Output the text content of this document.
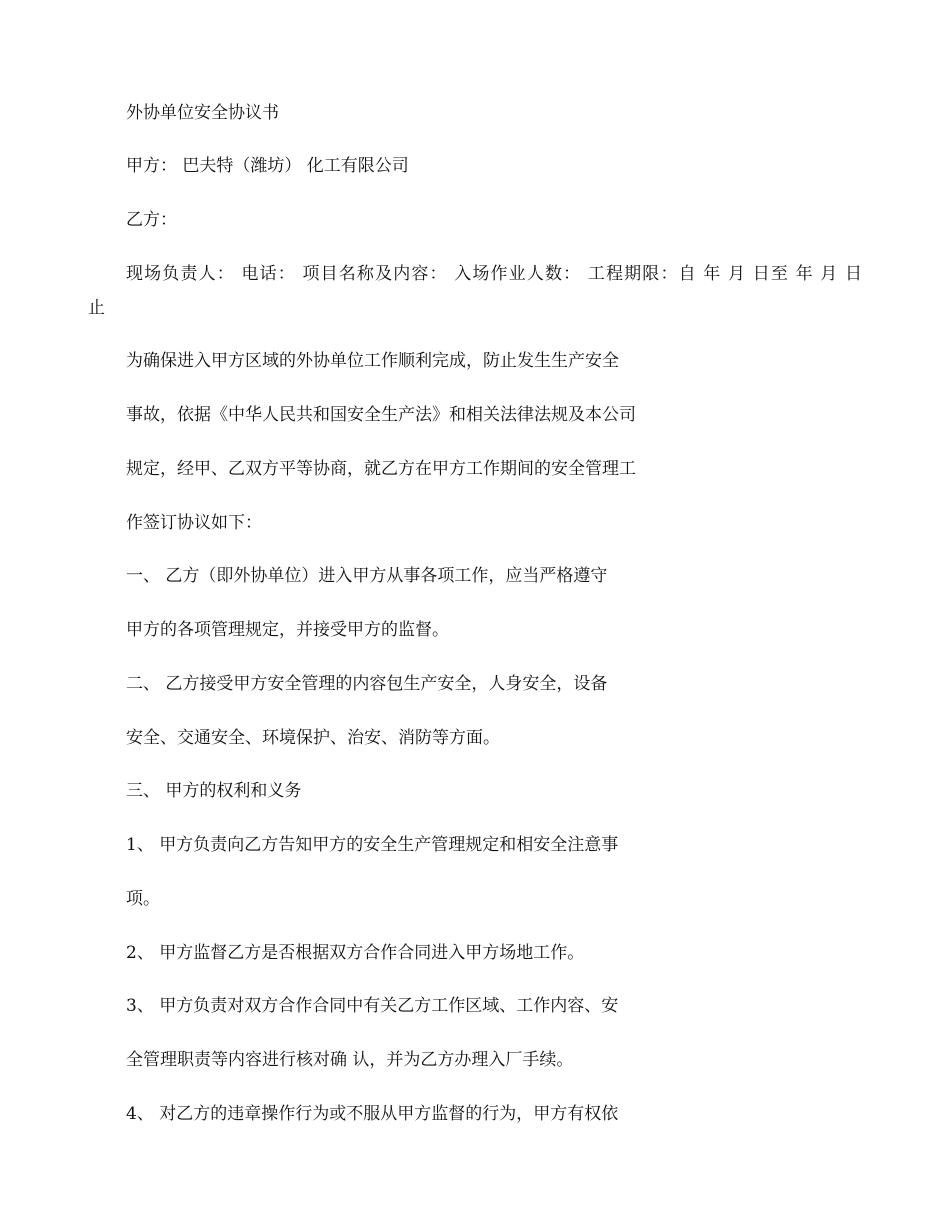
外协单位安全协议书
甲方： 巴夫特（潍坊） 化工有限公司
乙方：
现场负责人： 电话： 项目名称及内容： 入场作业人数： 工程期限：自 年 月 日至 年 月 日
止
为确保进入甲方区域的外协单位工作顺利完成，防止发生生产安全
事故，依据《中华人民共和国安全生产法》和相关法律法规及本公司
规定，经甲、乙双方平等协商，就乙方在甲方工作期间的安全管理工
作签订协议如下：
一、 乙方（即外协单位）进入甲方从事各项工作，应当严格遵守
甲方的各项管理规定，并接受甲方的监督。
二、 乙方接受甲方安全管理的内容包生产安全，人身安全，设备
安全、交通安全、环境保护、治安、消防等方面。
三、 甲方的权利和义务
1、 甲方负责向乙方告知甲方的安全生产管理规定和相安全注意事
项。
2、 甲方监督乙方是否根据双方合作合同进入甲方场地工作。
3、 甲方负责对双方合作合同中有关乙方工作区域、工作内容、安
全管理职责等内容进行核对确 认，并为乙方办理入厂手续。
4、 对乙方的违章操作行为或不服从甲方监督的行为，甲方有权依
